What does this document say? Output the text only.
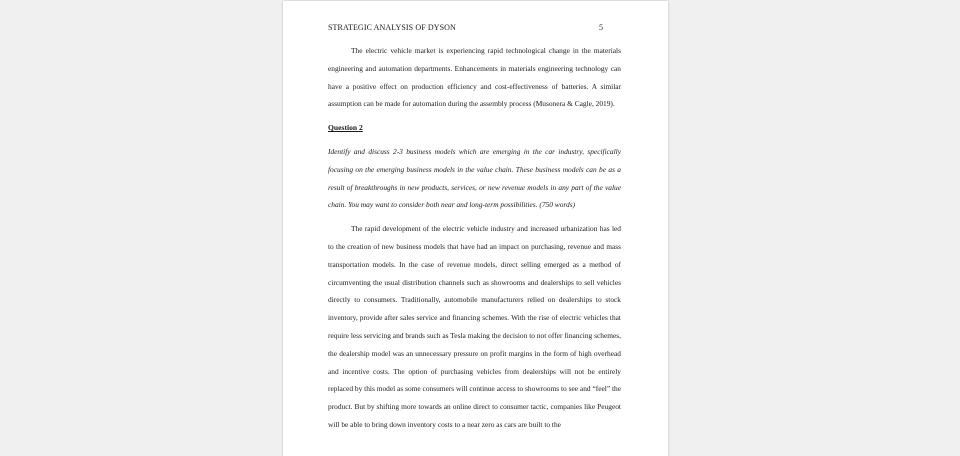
STRATEGIC ANALYSIS OF DYSON	5

The electric vehicle market is experiencing rapid technological change in the materials engineering and automation departments. Enhancements in materials engineering technology can have a positive effect on production efficiency and cost-effectiveness of batteries. A similar assumption can be made for automation during the assembly process (Musonera & Cagle, 2019).

Question 2

Identify and discuss 2-3 business models which are emerging in the car industry, specifically focusing on the emerging business models in the value chain. These business models can be as a result of breakthroughs in new products, services, or new revenue models in any part of the value chain. You may want to consider both near and long-term possibilities. (750 words)

The rapid development of the electric vehicle industry and increased urbanization has led to the creation of new business models that have had an impact on purchasing, revenue and mass transportation models. In the case of revenue models, direct selling emerged as a method of circumventing the usual distribution channels such as showrooms and dealerships to sell vehicles directly to consumers. Traditionally, automobile manufacturers relied on dealerships to stock inventory, provide after sales service and financing schemes. With the rise of electric vehicles that require less servicing and brands such as Tesla making the decision to not offer financing schemes, the dealership model was an unnecessary pressure on profit margins in the form of high overhead and incentive costs. The option of purchasing vehicles from dealerships will not be entirely replaced by this model as some consumers will continue access to showrooms to see and “feel” the product. But by shifting more towards an online direct to consumer tactic, companies like Peugeot will be able to bring down inventory costs to a near zero as cars are built to the
